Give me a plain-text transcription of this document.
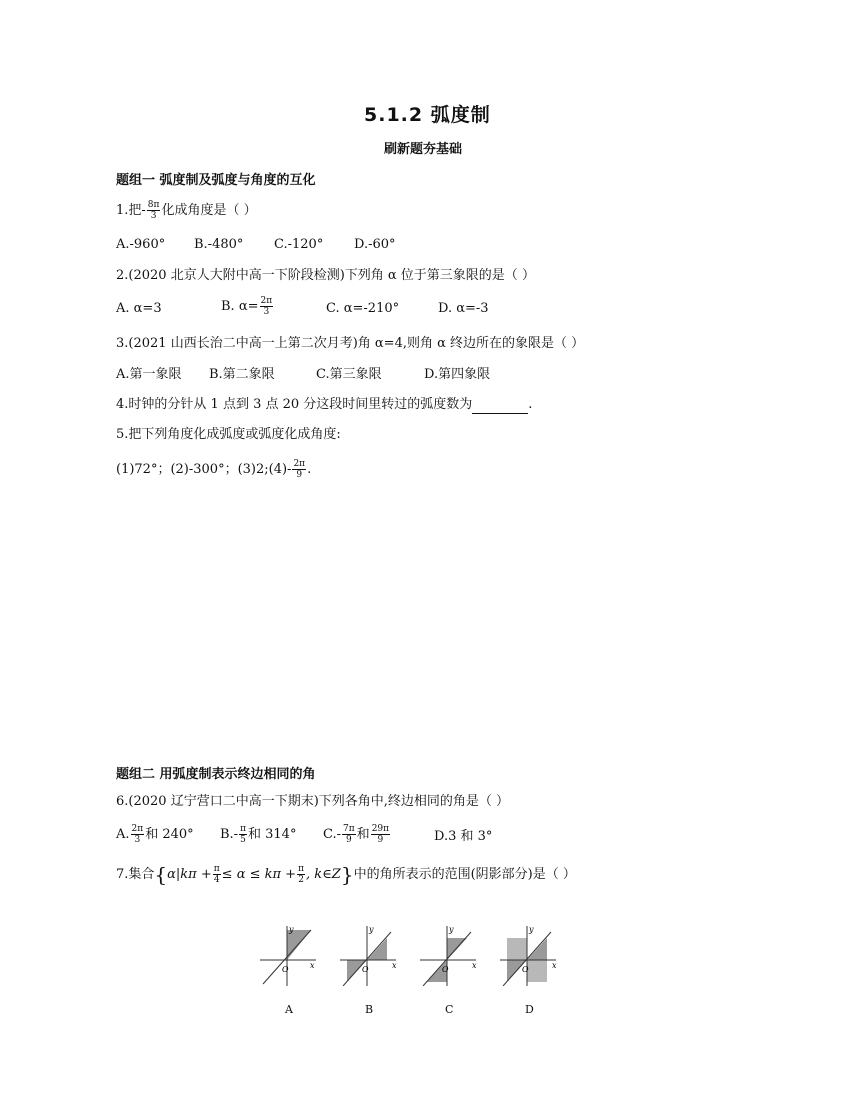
5.1.2 弧度制
刷新题夯基础
题组一 弧度制及弧度与角度的互化
1.把- $\frac{8\pi}{3}$ 化成角度是（ ）
A.-960° B.-480° C.-120° D.-60°
2.(2020 北京人大附中高一下阶段检测)下列角 α 位于第三象限的是（ ）
A. α=3	B. $\alpha= \frac{2\pi}{3}$	C. α=-210°	D. α=-3
3.(2021 山西长治二中高一上第二次月考)角 α=4,则角 α 终边所在的象限是（ ）
A.第一象限 B.第二象限	C.第三象限	D.第四象限
4.时钟的分针从 1 点到 3 点 20 分这段时间里转过的弧度数为	.
5.把下列角度化成弧度或弧度化成角度:
(1)72°；(2)-300°；(3)2;(4)- $\frac{2\pi}{9}$ .
题组二 用弧度制表示终边相同的角
6.(2020 辽宁营口二中高一下期末)下列各角中,终边相同的角是（ ）
A. $\frac{2\pi}{3}$ 和 240° $B.- \frac{\pi}{5}$ 和 314° $C.- \frac{7\pi}{9}$ 和 $\frac{29\pi}{9}$	D.3 和 3°
7.集合{$\alpha|k\pi + \frac{\pi}{4} \le \alpha \le k\pi + \frac{\pi}{2}$ , k∈Z}中的角所表示的范围(阴影部分)是（ ）
O	x
y
A
O	x
y
B
O	x
y
C
O	x
y
D
